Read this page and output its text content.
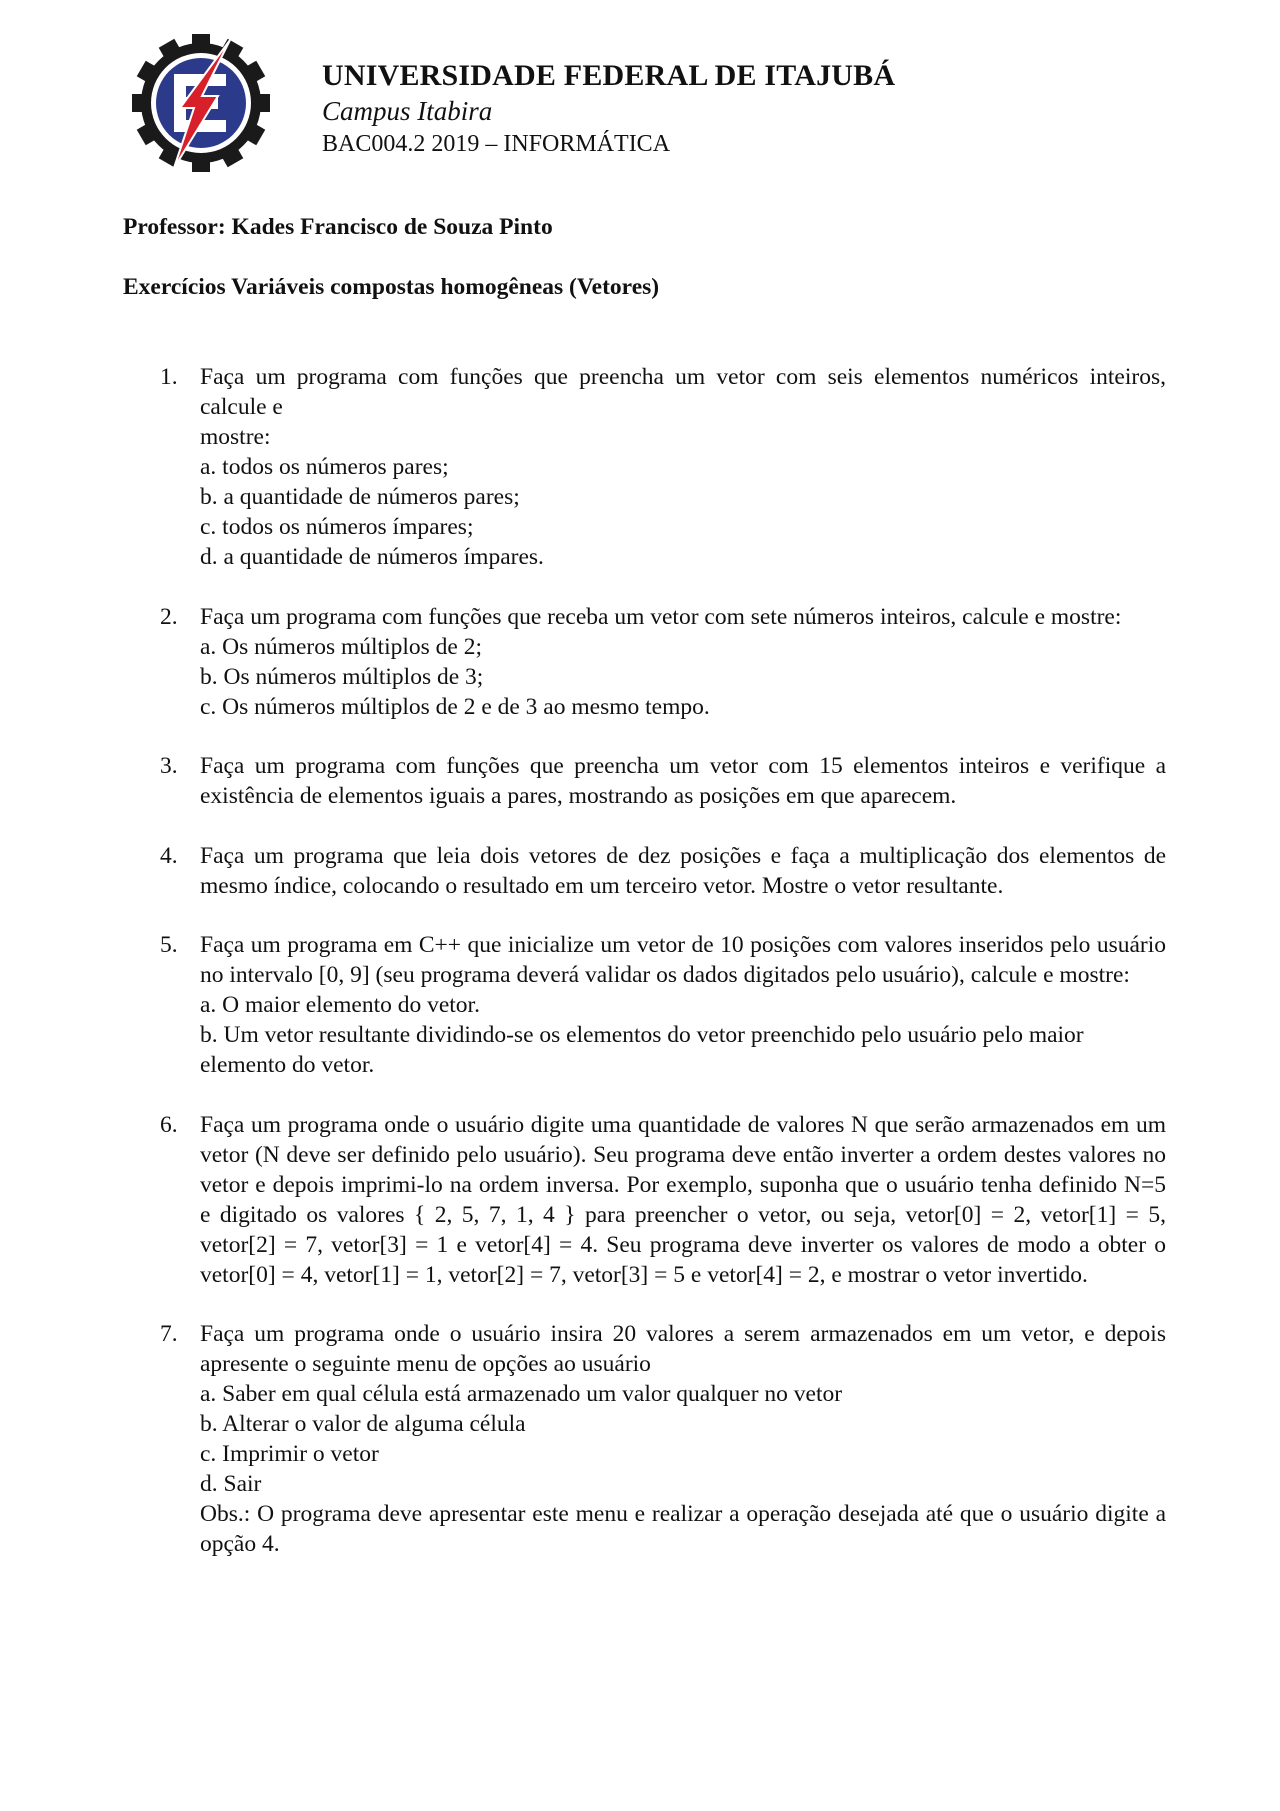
UNIVERSIDADE FEDERAL DE ITAJUBÁ
Campus Itabira
BAC004.2 2019 – INFORMÁTICA
Professor: Kades Francisco de Souza Pinto
Exercícios Variáveis compostas homogêneas (Vetores)
1. Faça um programa com funções que preencha um vetor com seis elementos numéricos inteiros, calcule e
mostre:
a. todos os números pares;
b. a quantidade de números pares;
c. todos os números ímpares;
d. a quantidade de números ímpares.
2. Faça um programa com funções que receba um vetor com sete números inteiros, calcule e mostre:
a. Os números múltiplos de 2;
b. Os números múltiplos de 3;
c. Os números múltiplos de 2 e de 3 ao mesmo tempo.
3. Faça um programa com funções que preencha um vetor com 15 elementos inteiros e verifique a existência de elementos iguais a pares, mostrando as posições em que aparecem.
4. Faça um programa que leia dois vetores de dez posições e faça a multiplicação dos elementos de mesmo índice, colocando o resultado em um terceiro vetor. Mostre o vetor resultante.
5. Faça um programa em C++ que inicialize um vetor de 10 posições com valores inseridos pelo usuário no intervalo [0, 9] (seu programa deverá validar os dados digitados pelo usuário), calcule e mostre:
a. O maior elemento do vetor.
b. Um vetor resultante dividindo-se os elementos do vetor preenchido pelo usuário pelo maior elemento do vetor.
6. Faça um programa onde o usuário digite uma quantidade de valores N que serão armazenados em um vetor (N deve ser definido pelo usuário). Seu programa deve então inverter a ordem destes valores no vetor e depois imprimi-lo na ordem inversa. Por exemplo, suponha que o usuário tenha definido N=5 e digitado os valores { 2, 5, 7, 1, 4 } para preencher o vetor, ou seja, vetor[0] = 2, vetor[1] = 5, vetor[2] = 7, vetor[3] = 1 e vetor[4] = 4. Seu programa deve inverter os valores de modo a obter o vetor[0] = 4, vetor[1] = 1, vetor[2] = 7, vetor[3] = 5 e vetor[4] = 2, e mostrar o vetor invertido.
7. Faça um programa onde o usuário insira 20 valores a serem armazenados em um vetor, e depois apresente o seguinte menu de opções ao usuário
a. Saber em qual célula está armazenado um valor qualquer no vetor
b. Alterar o valor de alguma célula
c. Imprimir o vetor
d. Sair
Obs.: O programa deve apresentar este menu e realizar a operação desejada até que o usuário digite a opção 4.
